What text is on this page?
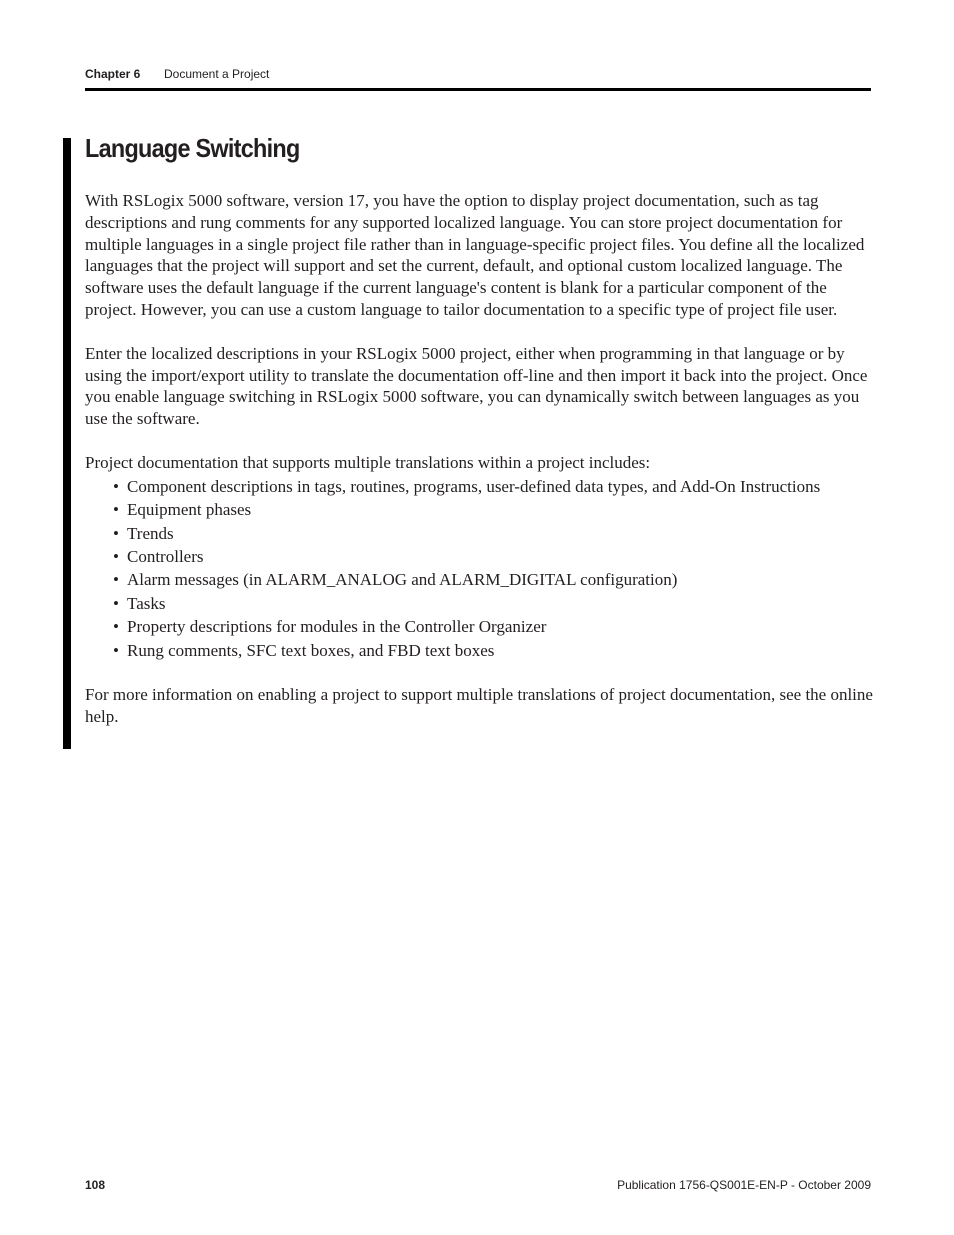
Chapter 6 Document a Project
Language Switching

With RSLogix 5000 software, version 17, you have the option to display project documentation, such as tag descriptions and rung comments for any supported localized language. You can store project documentation for multiple languages in a single project file rather than in language-specific project files. You define all the localized languages that the project will support and set the current, default, and optional custom localized language. The software uses the default language if the current language's content is blank for a particular component of the project. However, you can use a custom language to tailor documentation to a specific type of project file user.

Enter the localized descriptions in your RSLogix 5000 project, either when programming in that language or by using the import/export utility to translate the documentation off-line and then import it back into the project. Once you enable language switching in RSLogix 5000 software, you can dynamically switch between languages as you use the software.

Project documentation that supports multiple translations within a project includes:

• Component descriptions in tags, routines, programs, user-defined data types, and Add-On Instructions
• Equipment phases
• Trends
• Controllers
• Alarm messages (in ALARM_ANALOG and ALARM_DIGITAL configuration)
• Tasks
• Property descriptions for modules in the Controller Organizer
• Rung comments, SFC text boxes, and FBD text boxes

For more information on enabling a project to support multiple translations of project documentation, see the online help.

108	Publication 1756-QS001E-EN-P - October 2009
